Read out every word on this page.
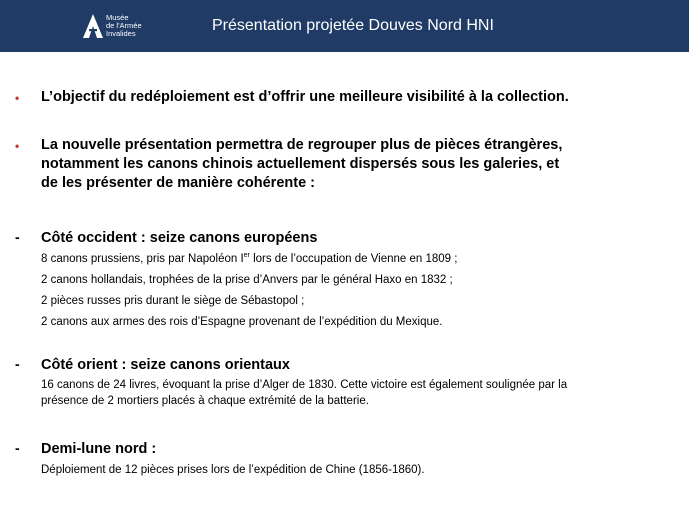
Musée
de l'Armée
Invalides	Présentation projetée Douves Nord HNI
• L’objectif du redéploiement est d’offrir une meilleure visibilité à la collection.
• La nouvelle présentation permettra de regrouper plus de pièces étrangères,
notamment les canons chinois actuellement dispersés sous les galeries, et
de les présenter de manière cohérente :
- Côté occident : seize canons européens
8 canons prussiens, pris par Napoléon Ier lors de l’occupation de Vienne en 1809 ;
2 canons hollandais, trophées de la prise d’Anvers par le général Haxo en 1832 ;
2 pièces russes pris durant le siège de Sébastopol ;
2 canons aux armes des rois d’Espagne provenant de l’expédition du Mexique.
- Côté orient : seize canons orientaux
16 canons de 24 livres, évoquant la prise d’Alger de 1830. Cette victoire est également soulignée par la
présence de 2 mortiers placés à chaque extrémité de la batterie.
- Demi-lune nord :
Déploiement de 12 pièces prises lors de l’expédition de Chine (1856-1860).
